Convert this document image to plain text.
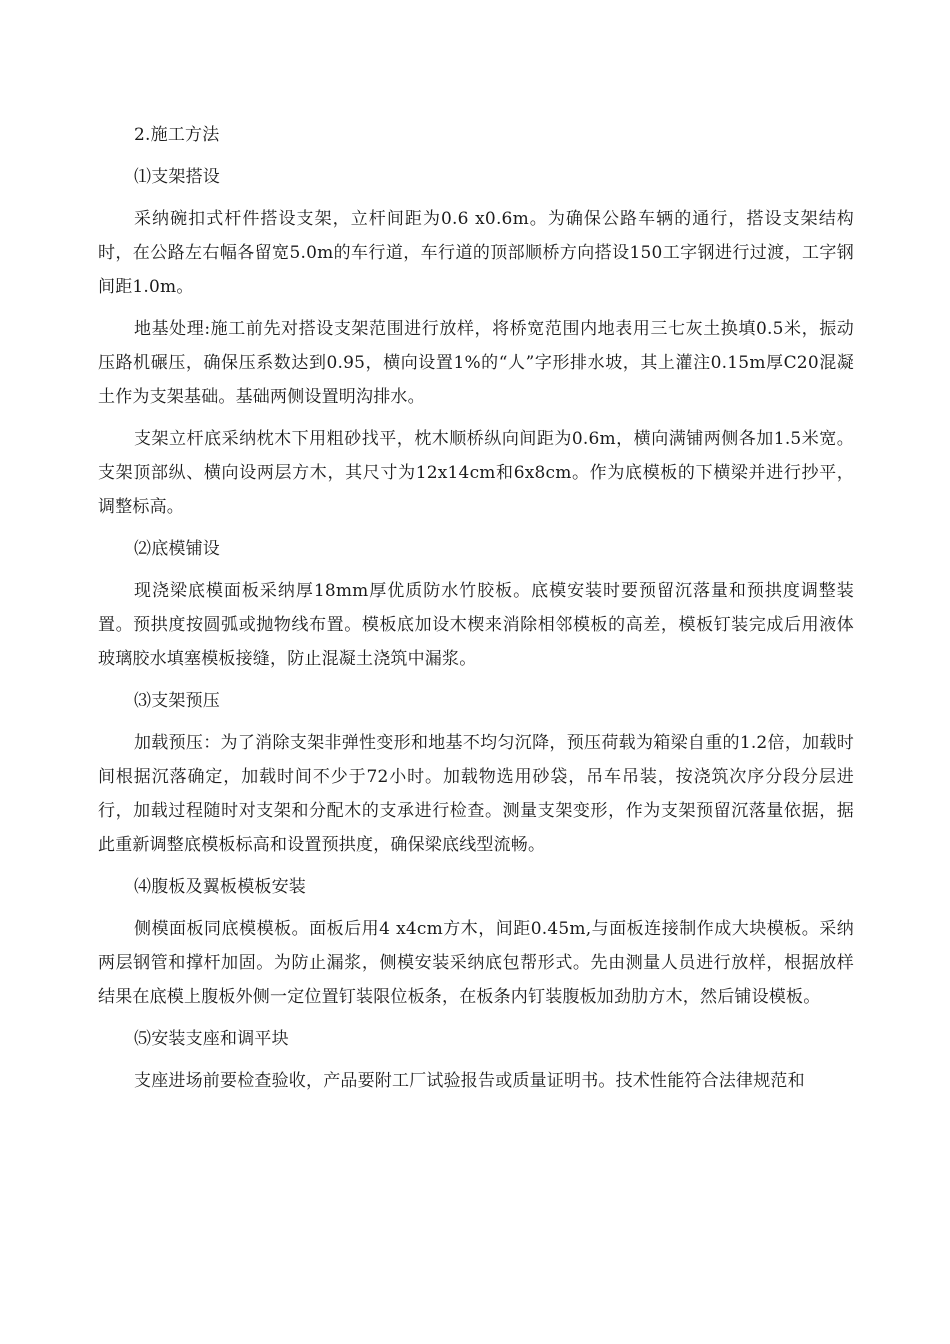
2.施工方法

⑴支架搭设

采纳碗扣式杆件搭设支架，立杆间距为0.6 x0.6m。为确保公路车辆的通行，搭设支架结构时，在公路左右幅各留宽5.0m的车行道，车行道的顶部顺桥方向搭设150工字钢进行过渡，工字钢间距1.0m。

地基处理:施工前先对搭设支架范围进行放样，将桥宽范围内地表用三七灰土换填0.5米，振动压路机碾压，确保压系数达到0.95，横向设置1%的“人”字形排水坡，其上灌注0.15m厚C20混凝土作为支架基础。基础两侧设置明沟排水。

支架立杆底采纳枕木下用粗砂找平，枕木顺桥纵向间距为0.6m，横向满铺两侧各加1.5米宽。支架顶部纵、横向设两层方木，其尺寸为12x14cm和6x8cm。作为底模板的下横梁并进行抄平，调整标高。

⑵底模铺设

现浇梁底模面板采纳厚18mm厚优质防水竹胶板。底模安装时要预留沉落量和预拱度调整装置。预拱度按圆弧或抛物线布置。模板底加设木楔来消除相邻模板的高差，模板钉装完成后用液体玻璃胶水填塞模板接缝，防止混凝土浇筑中漏浆。

⑶支架预压

加载预压：为了消除支架非弹性变形和地基不均匀沉降，预压荷载为箱梁自重的1.2倍，加载时间根据沉落确定，加载时间不少于72小时。加载物选用砂袋，吊车吊装，按浇筑次序分段分层进行，加载过程随时对支架和分配木的支承进行检查。测量支架变形，作为支架预留沉落量依据，据此重新调整底模板标高和设置预拱度，确保梁底线型流畅。

⑷腹板及翼板模板安装

侧模面板同底模模板。面板后用4 x4cm方木，间距0.45m,与面板连接制作成大块模板。采纳两层钢管和撑杆加固。为防止漏浆，侧模安装采纳底包帮形式。先由测量人员进行放样，根据放样结果在底模上腹板外侧一定位置钉装限位板条，在板条内钉装腹板加劲肋方木，然后铺设模板。

⑸安装支座和调平块

支座进场前要检查验收，产品要附工厂试验报告或质量证明书。技术性能符合法律规范和
